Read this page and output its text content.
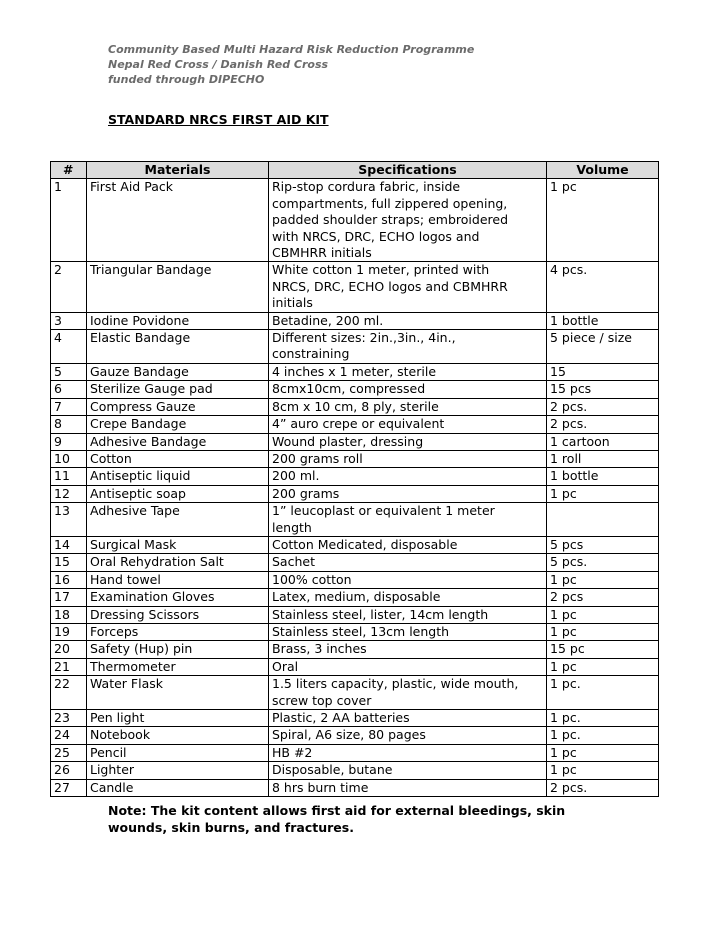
Community Based Multi Hazard Risk Reduction Programme
Nepal Red Cross / Danish Red Cross
funded through DIPECHO
STANDARD NRCS FIRST AID KIT
#	Materials	Specifications	Volume
1	First Aid Pack	Rip-stop cordura fabric, inside
compartments, full zippered opening,
padded shoulder straps; embroidered
with NRCS, DRC, ECHO logos and
CBMHRR initials	1 pc
2	Triangular Bandage	White cotton 1 meter, printed with
NRCS, DRC, ECHO logos and CBMHRR
initials	4 pcs.
3	Iodine Povidone	Betadine, 200 ml.	1 bottle
4	Elastic Bandage	Different sizes: 2in.,3in., 4in.,
constraining	5 piece / size
5	Gauze Bandage	4 inches x 1 meter, sterile	15
6	Sterilize Gauge pad	8cmx10cm, compressed	15 pcs
7	Compress Gauze	8cm x 10 cm, 8 ply, sterile	2 pcs.
8	Crepe Bandage	4” auro crepe or equivalent	2 pcs.
9	Adhesive Bandage	Wound plaster, dressing	1 cartoon
10	Cotton	200 grams roll	1 roll
11	Antiseptic liquid	200 ml.	1 bottle
12	Antiseptic soap	200 grams	1 pc
13	Adhesive Tape	1” leucoplast or equivalent 1 meter
length	

14	Surgical Mask	Cotton Medicated, disposable	5 pcs
15	Oral Rehydration Salt	Sachet	5 pcs.
16	Hand towel	100% cotton	1 pc
17	Examination Gloves	Latex, medium, disposable	2 pcs
18	Dressing Scissors	Stainless steel, lister, 14cm length	1 pc
19	Forceps	Stainless steel, 13cm length	1 pc
20	Safety (Hup) pin	Brass, 3 inches	15 pc
21	Thermometer	Oral	1 pc
22	Water Flask	1.5 liters capacity, plastic, wide mouth,
screw top cover	1 pc.
23	Pen light	Plastic, 2 AA batteries	1 pc.
24	Notebook	Spiral, A6 size, 80 pages	1 pc.
25	Pencil	HB #2	1 pc
26	Lighter	Disposable, butane	1 pc
27	Candle	8 hrs burn time	2 pcs.
Note: The kit content allows first aid for external bleedings, skin wounds, skin burns, and fractures.
